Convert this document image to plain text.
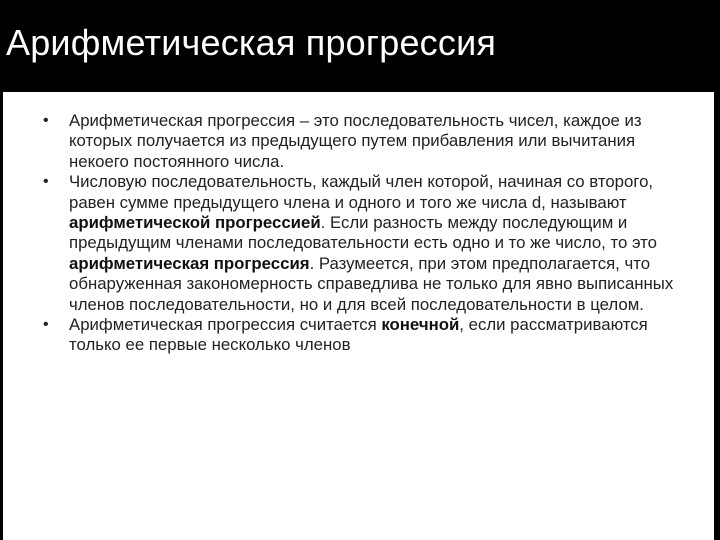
Арифметическая прогрессия
• Арифметическая прогрессия – это последовательность чисел, каждое из которых получается из предыдущего путем прибавления или вычитания некоего постоянного числа.
• Числовую последовательность, каждый член которой, начиная со второго, равен сумме предыдущего члена и одного и того же числа d, называют арифметической прогрессией. Если разность между последующим и предыдущим членами последовательности есть одно и то же число, то это арифметическая прогрессия. Разумеется, при этом предполагается, что обнаруженная закономерность справедлива не только для явно выписанных членов последовательности, но и для всей последовательности в целом.
• Арифметическая прогрессия считается конечной, если рассматриваются только ее первые несколько членов
